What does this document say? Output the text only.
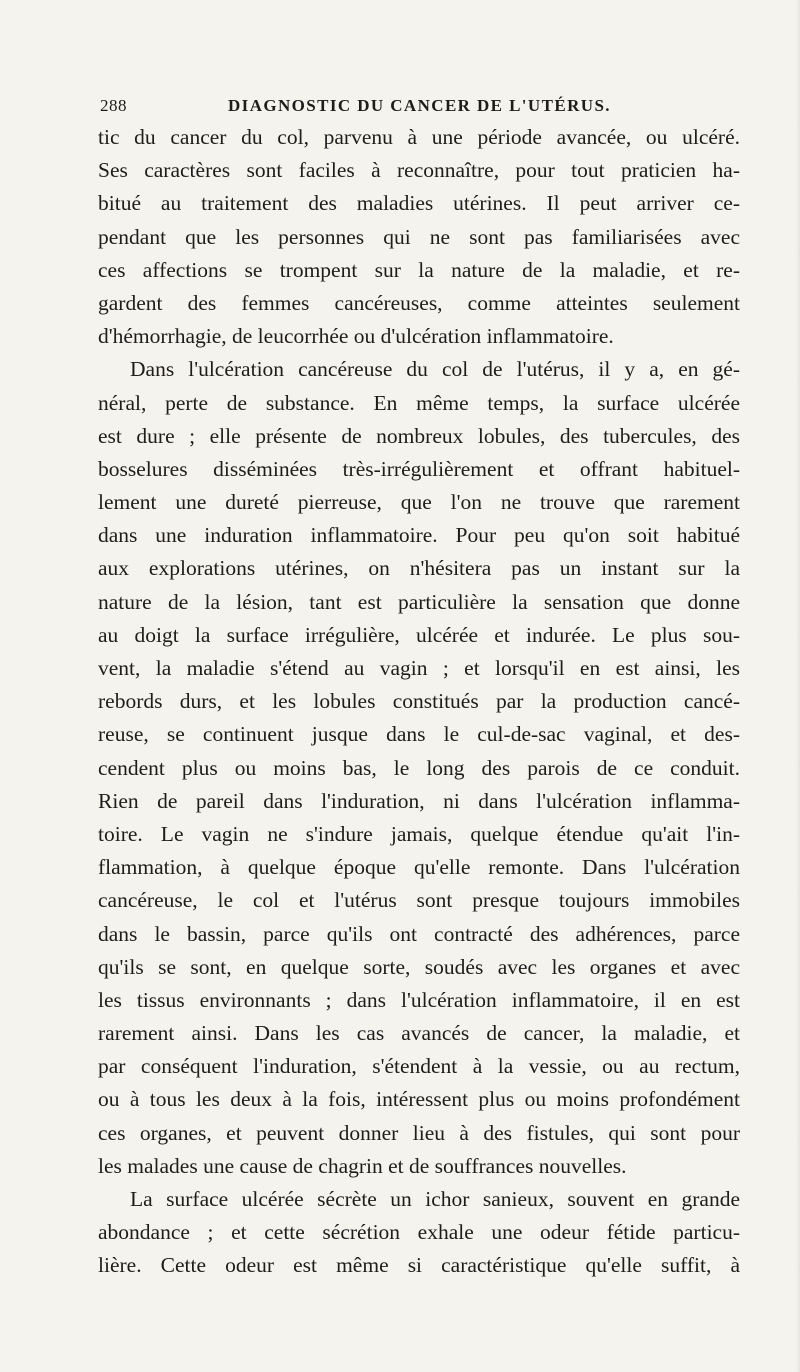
288	DIAGNOSTIC DU CANCER DE L'UTÉRUS.
tic du cancer du col, parvenu à une période avancée, ou ulcéré.
Ses caractères sont faciles à reconnaître, pour tout praticien ha-
bitué au traitement des maladies utérines. Il peut arriver ce-
pendant que les personnes qui ne sont pas familiarisées avec
ces affections se trompent sur la nature de la maladie, et re-
gardent des femmes cancéreuses, comme atteintes seulement
d'hémorrhagie, de leucorrhée ou d'ulcération inflammatoire.
Dans l'ulcération cancéreuse du col de l'utérus, il y a, en gé-
néral, perte de substance. En même temps, la surface ulcérée
est dure ; elle présente de nombreux lobules, des tubercules, des
bosselures disséminées très-irrégulièrement et offrant habituel-
lement une dureté pierreuse, que l'on ne trouve que rarement
dans une induration inflammatoire. Pour peu qu'on soit habitué
aux explorations utérines, on n'hésitera pas un instant sur la
nature de la lésion, tant est particulière la sensation que donne
au doigt la surface irrégulière, ulcérée et indurée. Le plus sou-
vent, la maladie s'étend au vagin ; et lorsqu'il en est ainsi, les
rebords durs, et les lobules constitués par la production cancé-
reuse, se continuent jusque dans le cul-de-sac vaginal, et des-
cendent plus ou moins bas, le long des parois de ce conduit.
Rien de pareil dans l'induration, ni dans l'ulcération inflamma-
toire. Le vagin ne s'indure jamais, quelque étendue qu'ait l'in-
flammation, à quelque époque qu'elle remonte. Dans l'ulcération
cancéreuse, le col et l'utérus sont presque toujours immobiles
dans le bassin, parce qu'ils ont contracté des adhérences, parce
qu'ils se sont, en quelque sorte, soudés avec les organes et avec
les tissus environnants ; dans l'ulcération inflammatoire, il en est
rarement ainsi. Dans les cas avancés de cancer, la maladie, et
par conséquent l'induration, s'étendent à la vessie, ou au rectum,
ou à tous les deux à la fois, intéressent plus ou moins profondément
ces organes, et peuvent donner lieu à des fistules, qui sont pour
les malades une cause de chagrin et de souffrances nouvelles.
La surface ulcérée sécrète un ichor sanieux, souvent en grande
abondance ; et cette sécrétion exhale une odeur fétide particu-
lière. Cette odeur est même si caractéristique qu'elle suffit, à
